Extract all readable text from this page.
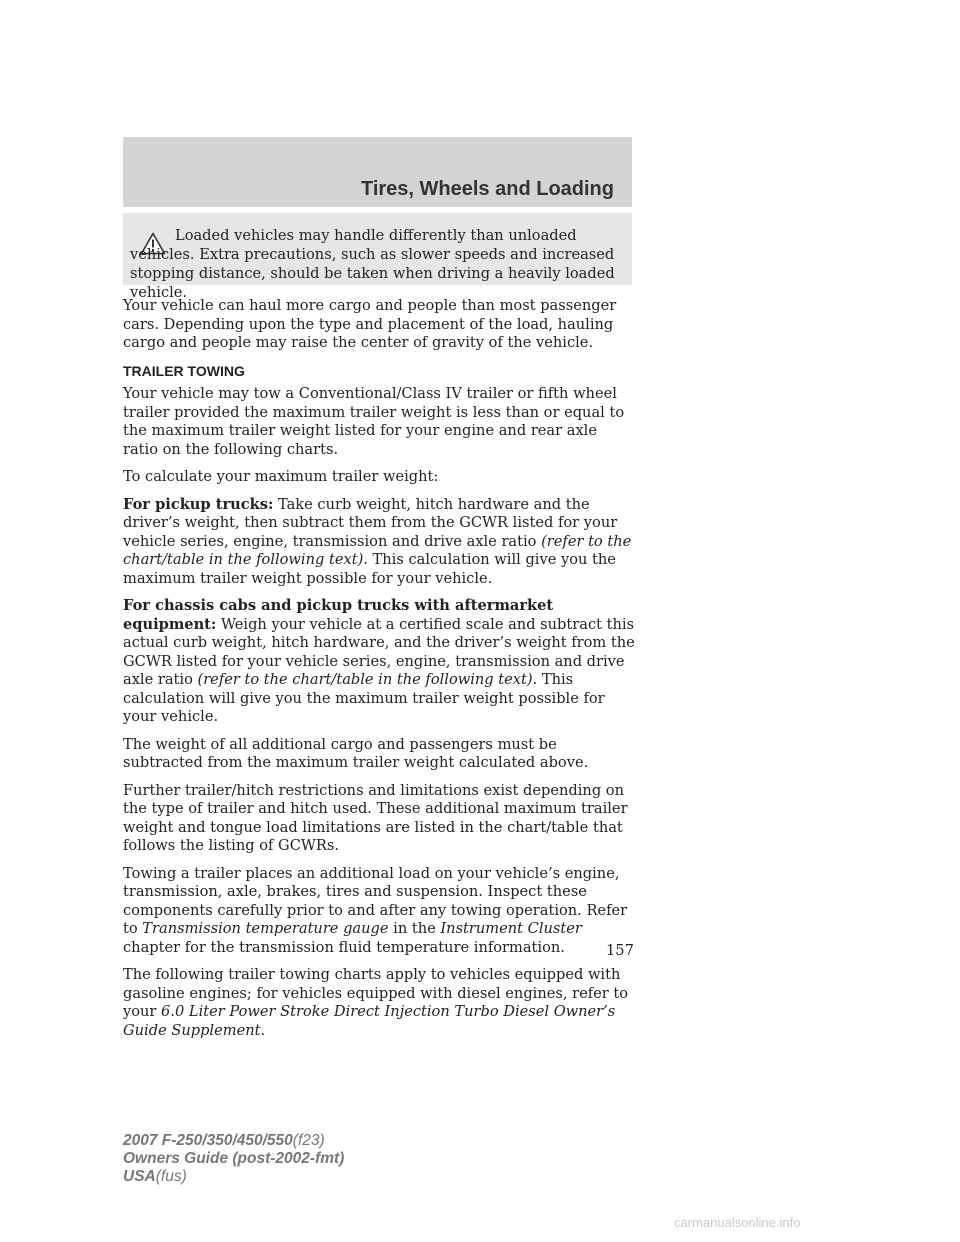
Tires, Wheels and Loading

Loaded vehicles may handle differently than unloaded vehicles. Extra precautions, such as slower speeds and increased stopping distance, should be taken when driving a heavily loaded vehicle.

Your vehicle can haul more cargo and people than most passenger cars. Depending upon the type and placement of the load, hauling cargo and people may raise the center of gravity of the vehicle.

TRAILER TOWING

Your vehicle may tow a Conventional/Class IV trailer or fifth wheel trailer provided the maximum trailer weight is less than or equal to the maximum trailer weight listed for your engine and rear axle ratio on the following charts.

To calculate your maximum trailer weight:

For pickup trucks: Take curb weight, hitch hardware and the driver’s weight, then subtract them from the GCWR listed for your vehicle series, engine, transmission and drive axle ratio (refer to the chart/table in the following text). This calculation will give you the maximum trailer weight possible for your vehicle.

For chassis cabs and pickup trucks with aftermarket equipment: Weigh your vehicle at a certified scale and subtract this actual curb weight, hitch hardware, and the driver’s weight from the GCWR listed for your vehicle series, engine, transmission and drive axle ratio (refer to the chart/table in the following text). This calculation will give you the maximum trailer weight possible for your vehicle.

The weight of all additional cargo and passengers must be subtracted from the maximum trailer weight calculated above.

Further trailer/hitch restrictions and limitations exist depending on the type of trailer and hitch used. These additional maximum trailer weight and tongue load limitations are listed in the chart/table that follows the listing of GCWRs.

Towing a trailer places an additional load on your vehicle’s engine, transmission, axle, brakes, tires and suspension. Inspect these components carefully prior to and after any towing operation. Refer to Transmission temperature gauge in the Instrument Cluster chapter for the transmission fluid temperature information.

The following trailer towing charts apply to vehicles equipped with gasoline engines; for vehicles equipped with diesel engines, refer to your 6.0 Liter Power Stroke Direct Injection Turbo Diesel Owner’s Guide Supplement.

157
2007 F-250/350/450/550(f23)
Owners Guide (post-2002-fmt)
USA(fus)
carmanualsonline.info
